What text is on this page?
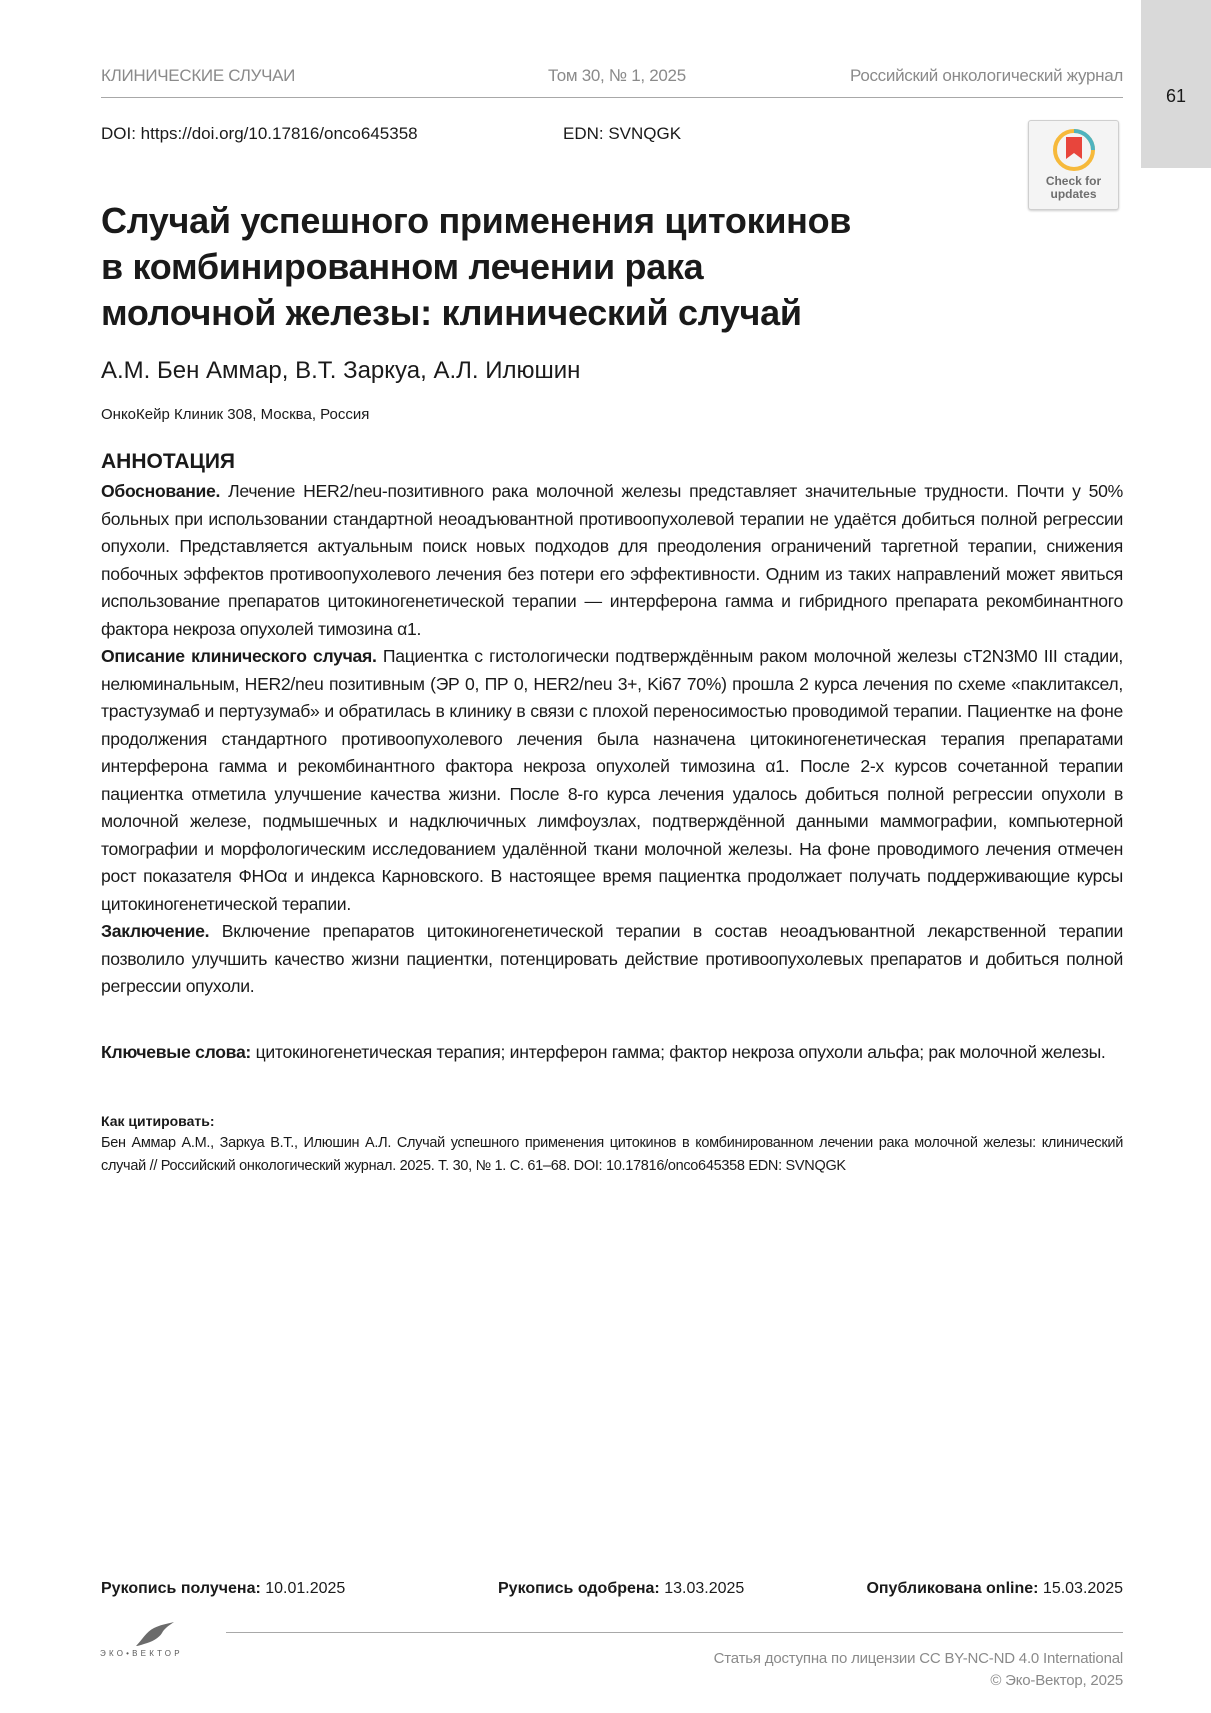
61
КЛИНИЧЕСКИЕ СЛУЧАИ	Том 30, № 1, 2025	Российский онкологический журнал
DOI: https://doi.org/10.17816/onco645358	EDN: SVNQGK
Check for
updates
Случай успешного применения цитокинов в комбинированном лечении рака молочной железы: клинический случай
А.М. Бен Аммар, В.Т. Заркуа, А.Л. Илюшин
ОнкоКейр Клиник 308, Москва, Россия
АННОТАЦИЯ

Обоснование. Лечение HER2/neu-позитивного рака молочной железы представляет значительные трудности. Почти у 50% больных при использовании стандартной неоадъювантной противоопухолевой терапии не удаётся добиться полной регрессии опухоли. Представляется актуальным поиск новых подходов для преодоления ограничений таргетной терапии, снижения побочных эффектов противоопухолевого лечения без потери его эффективности. Одним из таких направлений может явиться использование препаратов цитокиногенетической терапии — интерферона гамма и гибридного препарата рекомбинантного фактора некроза опухолей тимозина α1.

Описание клинического случая. Пациентка с гистологически подтверждённым раком молочной железы cT2N3M0 III стадии, нелюминальным, HER2/neu позитивным (ЭР 0, ПР 0, HER2/neu 3+, Ki67 70%) прошла 2 курса лечения по схеме «паклитаксел, трастузумаб и пертузумаб» и обратилась в клинику в связи с плохой переносимостью проводимой терапии. Пациентке на фоне продолжения стандартного противоопухолевого лечения была назначена цитокиногенетическая терапия препаратами интерферона гамма и рекомбинантного фактора некроза опухолей тимозина α1. После 2-х курсов сочетанной терапии пациентка отметила улучшение качества жизни. После 8-го курса лечения удалось добиться полной регрессии опухоли в молочной железе, подмышечных и надключичных лимфоузлах, подтверждённой данными маммографии, компьютерной томографии и морфологическим исследованием удалённой ткани молочной железы. На фоне проводимого лечения отмечен рост показателя ФНОα и индекса Карновского. В настоящее время пациентка продолжает получать поддерживающие курсы цитокиногенетической терапии.

Заключение. Включение препаратов цитокиногенетической терапии в состав неоадъювантной лекарственной терапии позволило улучшить качество жизни пациентки, потенцировать действие противоопухолевых препаратов и добиться полной регрессии опухоли.

Ключевые слова: цитокиногенетическая терапия; интерферон гамма; фактор некроза опухоли альфа; рак молочной железы.
Как цитировать:
Бен Аммар А.М., Заркуа В.Т., Илюшин А.Л. Случай успешного применения цитокинов в комбинированном лечении рака молочной железы: клинический случай // Российский онкологический журнал. 2025. Т. 30, № 1. С. 61–68. DOI: 10.17816/onco645358 EDN: SVNQGK
Рукопись получена: 10.01.2025	Рукопись одобрена: 13.03.2025	Опубликована online: 15.03.2025
ЭКО•ВЕКТОР	Статья доступна по лицензии CC BY-NC-ND 4.0 International
© Эко-Вектор, 2025
